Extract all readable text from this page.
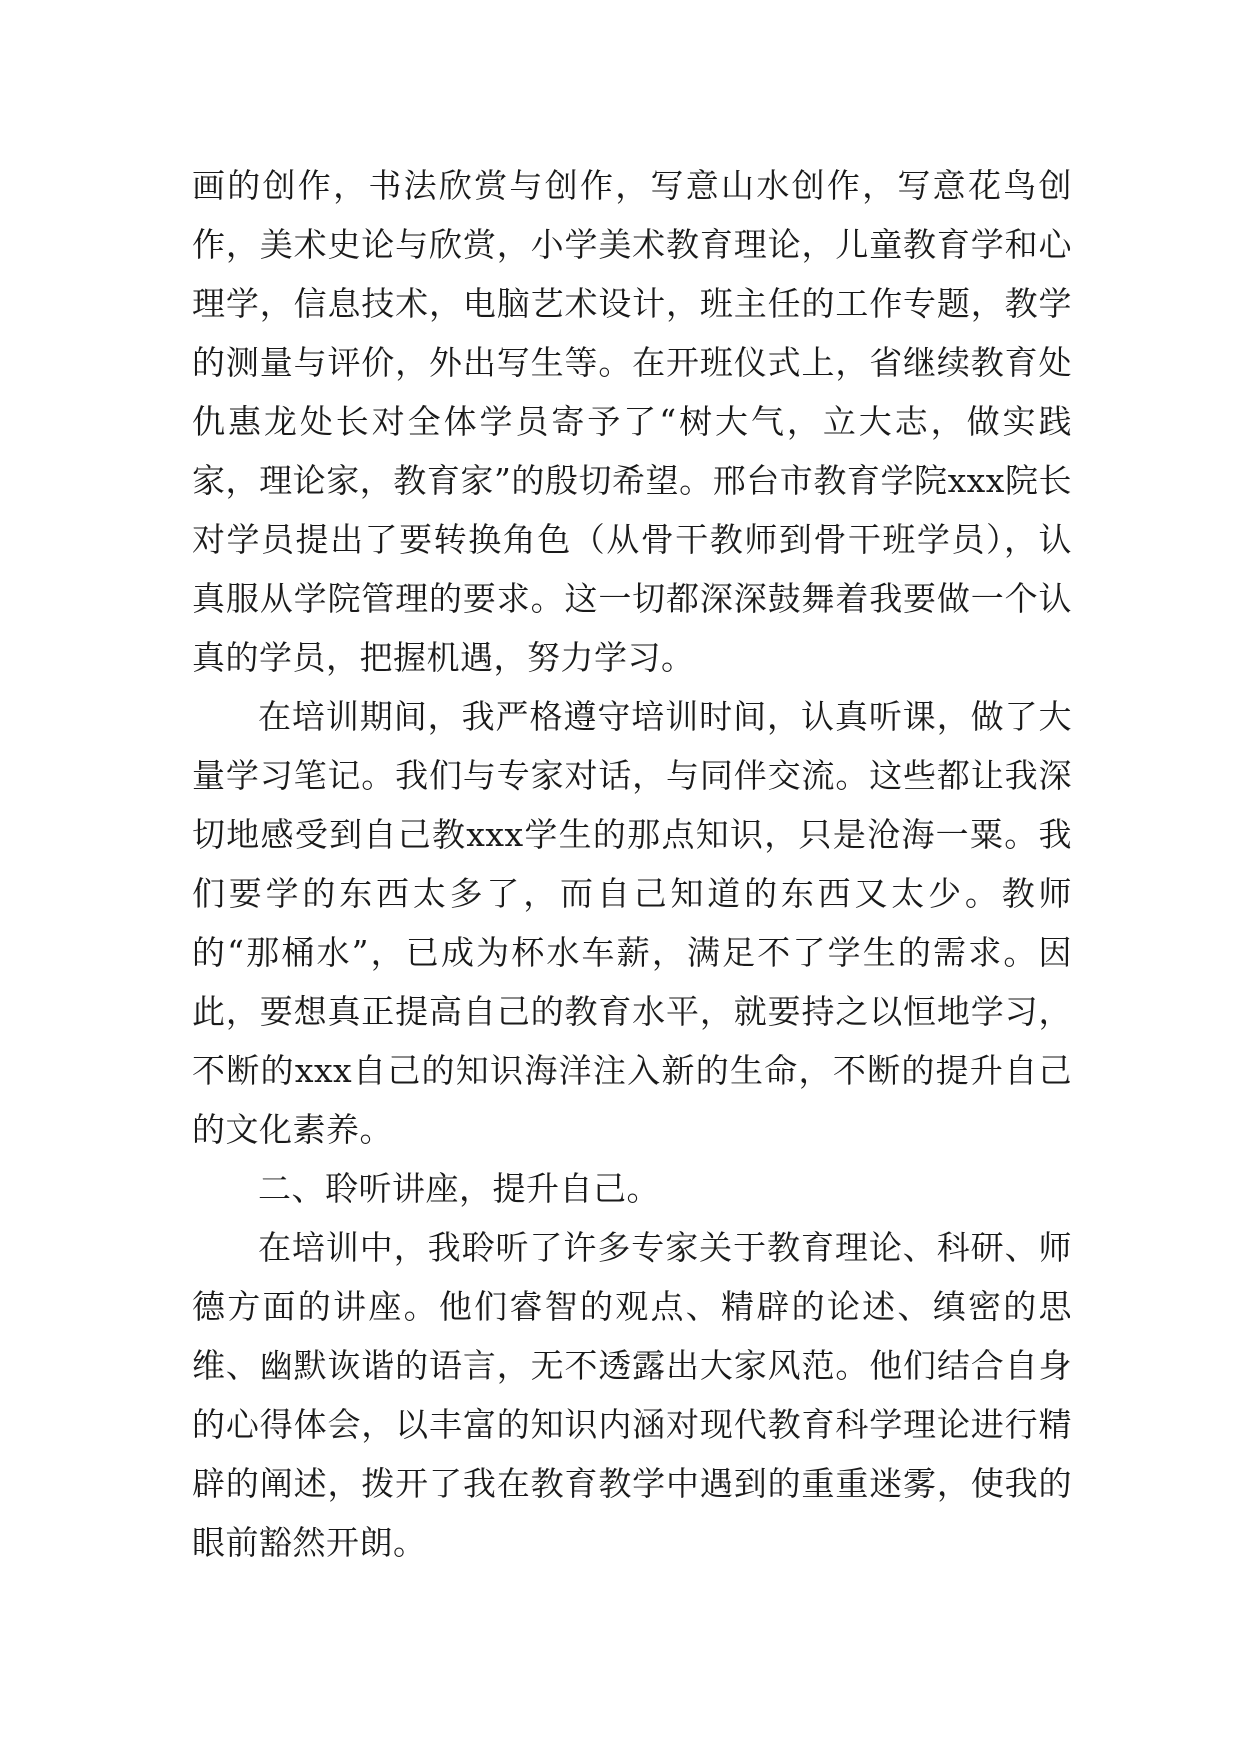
画的创作，书法欣赏与创作，写意山水创作，写意花鸟创作，美术史论与欣赏，小学美术教育理论，儿童教育学和心理学，信息技术，电脑艺术设计，班主任的工作专题，教学的测量与评价，外出写生等。在开班仪式上，省继续教育处仇惠龙处长对全体学员寄予了“树大气，立大志，做实践家，理论家，教育家”的殷切希望。邢台市教育学院xxx院长对学员提出了要转换角色（从骨干教师到骨干班学员），认真服从学院管理的要求。这一切都深深鼓舞着我要做一个认真的学员，把握机遇，努力学习。

在培训期间，我严格遵守培训时间，认真听课，做了大量学习笔记。我们与专家对话，与同伴交流。这些都让我深切地感受到自己教xxx学生的那点知识，只是沧海一粟。我们要学的东西太多了，而自己知道的东西又太少。教师的“那桶水”，已成为杯水车薪，满足不了学生的需求。因此，要想真正提高自己的教育水平，就要持之以恒地学习，不断的xxx自己的知识海洋注入新的生命，不断的提升自己的文化素养。

二、聆听讲座，提升自己。

在培训中，我聆听了许多专家关于教育理论、科研、师德方面的讲座。他们睿智的观点、精辟的论述、缜密的思维、幽默诙谐的语言，无不透露出大家风范。他们结合自身的心得体会，以丰富的知识内涵对现代教育科学理论进行精辟的阐述，拨开了我在教育教学中遇到的重重迷雾，使我的眼前豁然开朗。
